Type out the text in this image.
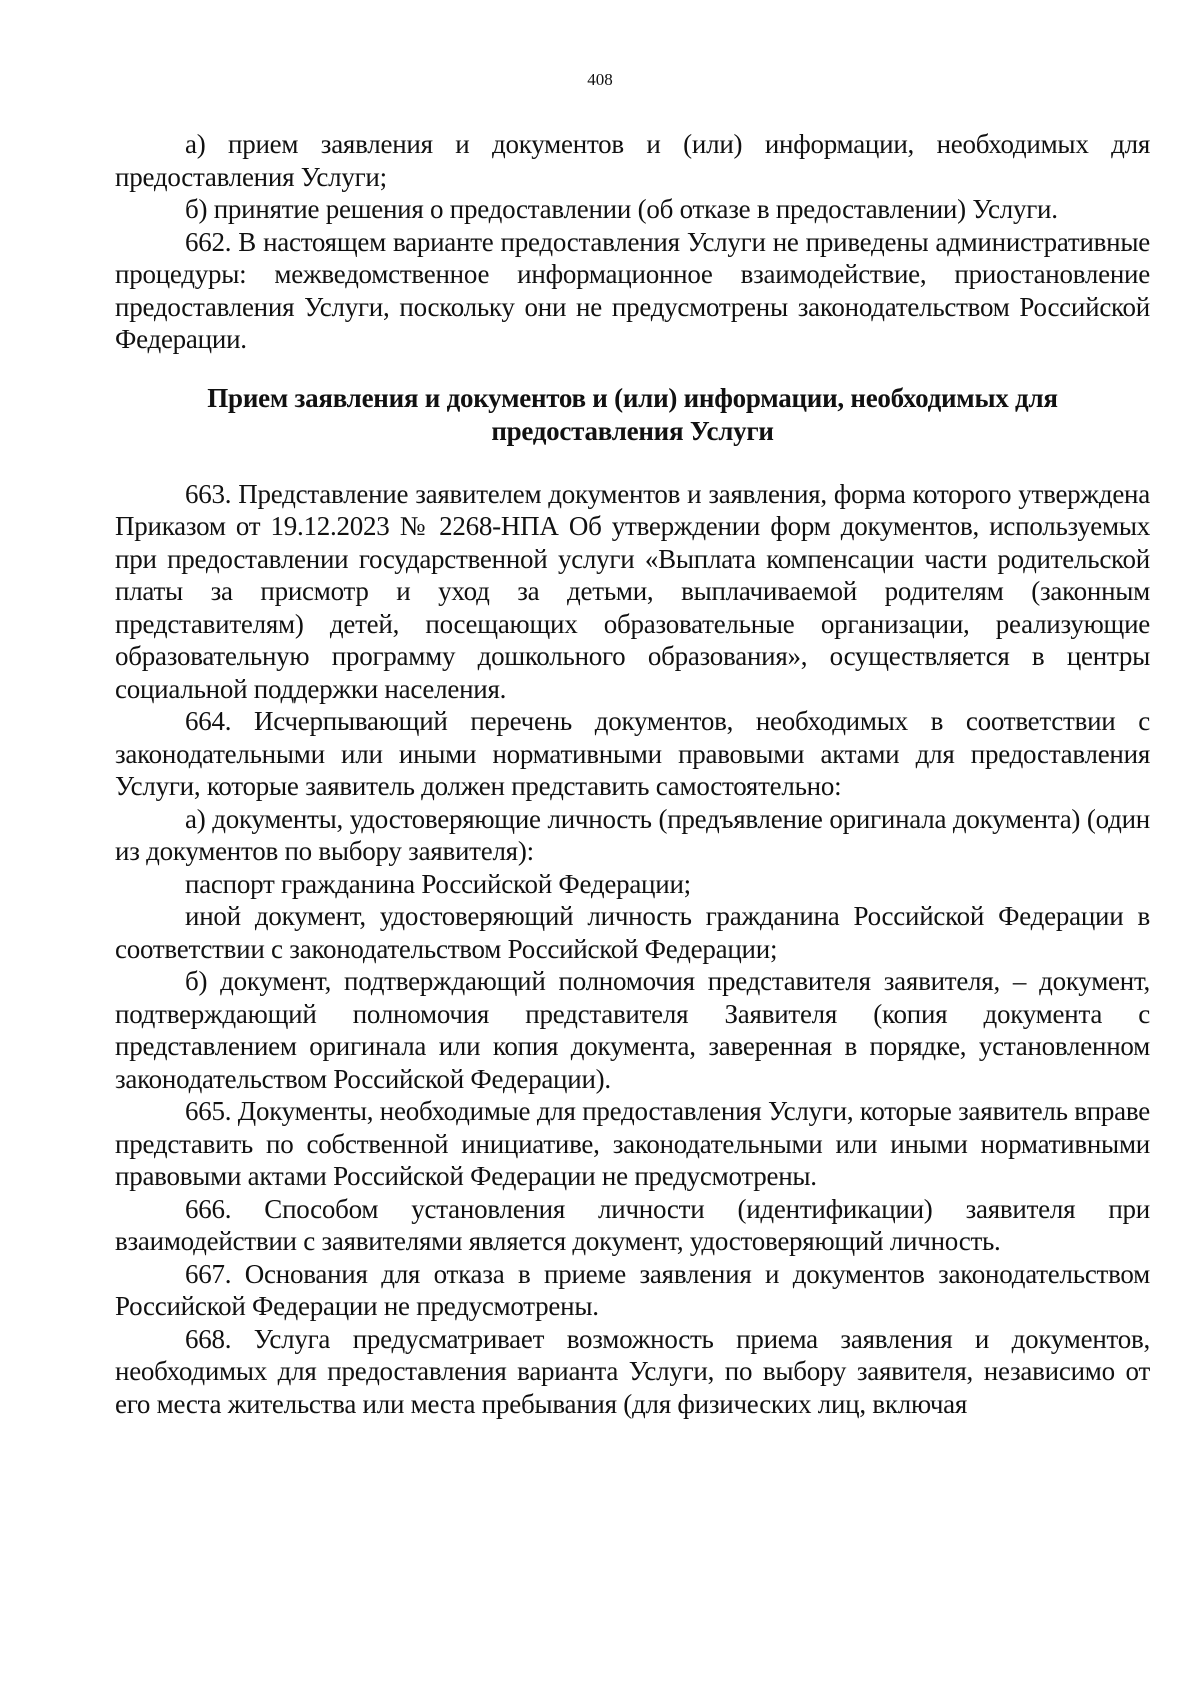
408

а) прием заявления и документов и (или) информации, необходимых для предоставления Услуги;

б) принятие решения о предоставлении (об отказе в предоставлении) Услуги.

662. В настоящем варианте предоставления Услуги не приведены административные процедуры: межведомственное информационное взаимодействие, приостановление предоставления Услуги, поскольку они не предусмотрены законодательством Российской Федерации.

Прием заявления и документов и (или) информации, необходимых для
предоставления Услуги

663. Представление заявителем документов и заявления, форма которого утверждена Приказом от 19.12.2023 № 2268-НПА Об утверждении форм документов, используемых при предоставлении государственной услуги «Выплата компенсации части родительской платы за присмотр и уход за детьми, выплачиваемой родителям (законным представителям) детей, посещающих образовательные организации, реализующие образовательную программу дошкольного образования», осуществляется в центры социальной поддержки населения.

664. Исчерпывающий перечень документов, необходимых в соответствии с законодательными или иными нормативными правовыми актами для предоставления Услуги, которые заявитель должен представить самостоятельно:

а) документы, удостоверяющие личность (предъявление оригинала документа) (один из документов по выбору заявителя):

паспорт гражданина Российской Федерации;

иной документ, удостоверяющий личность гражданина Российской Федерации в соответствии с законодательством Российской Федерации;

б) документ, подтверждающий полномочия представителя заявителя, – документ, подтверждающий полномочия представителя Заявителя (копия документа с представлением оригинала или копия документа, заверенная в порядке, установленном законодательством Российской Федерации).

665. Документы, необходимые для предоставления Услуги, которые заявитель вправе представить по собственной инициативе, законодательными или иными нормативными правовыми актами Российской Федерации не предусмотрены.

666. Способом установления личности (идентификации) заявителя при взаимодействии с заявителями является документ, удостоверяющий личность.

667. Основания для отказа в приеме заявления и документов законодательством Российской Федерации не предусмотрены.

668. Услуга предусматривает возможность приема заявления и документов, необходимых для предоставления варианта Услуги, по выбору заявителя, независимо от его места жительства или места пребывания (для физических лиц, включая
